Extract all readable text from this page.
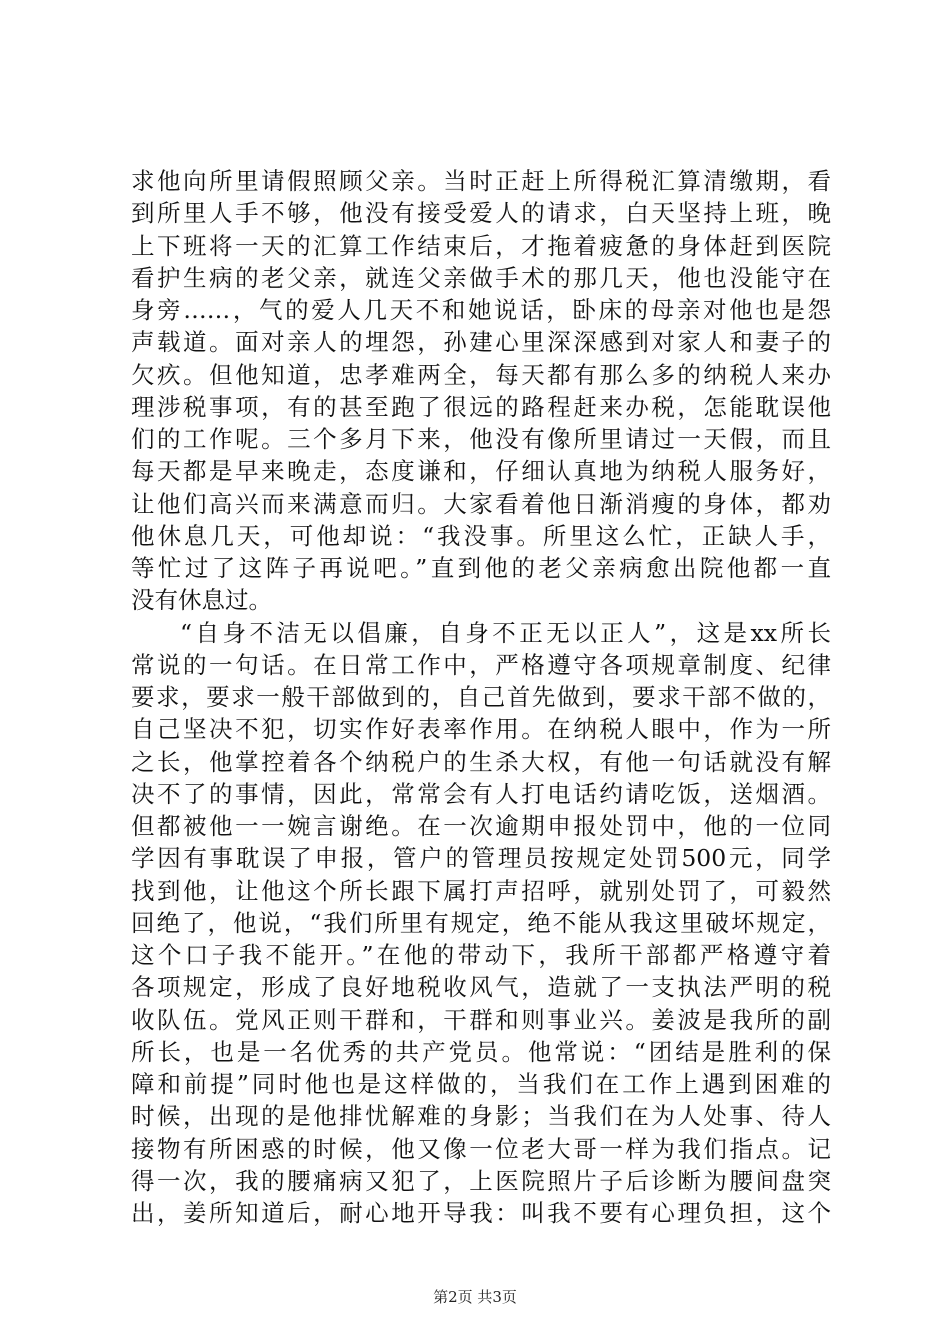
求他向所里请假照顾父亲。当时正赶上所得税汇算清缴期，看
到所里人手不够，他没有接受爱人的请求，白天坚持上班，晚
上下班将一天的汇算工作结束后，才拖着疲惫的身体赶到医院
看护生病的老父亲，就连父亲做手术的那几天，他也没能守在
身旁……，气的爱人几天不和她说话，卧床的母亲对他也是怨
声载道。面对亲人的埋怨，孙建心里深深感到对家人和妻子的
欠疚。但他知道，忠孝难两全，每天都有那么多的纳税人来办
理涉税事项，有的甚至跑了很远的路程赶来办税，怎能耽误他
们的工作呢。三个多月下来，他没有像所里请过一天假，而且
每天都是早来晚走，态度谦和，仔细认真地为纳税人服务好，
让他们高兴而来满意而归。大家看着他日渐消瘦的身体，都劝
他休息几天，可他却说：“我没事。所里这么忙，正缺人手，
等忙过了这阵子再说吧。”直到他的老父亲病愈出院他都一直
没有休息过。
“自身不洁无以倡廉，自身不正无以正人”，这是xx所长
常说的一句话。在日常工作中，严格遵守各项规章制度、纪律
要求，要求一般干部做到的，自己首先做到，要求干部不做的，
自己坚决不犯，切实作好表率作用。在纳税人眼中，作为一所
之长，他掌控着各个纳税户的生杀大权，有他一句话就没有解
决不了的事情，因此，常常会有人打电话约请吃饭，送烟酒。
但都被他一一婉言谢绝。在一次逾期申报处罚中，他的一位同
学因有事耽误了申报，管户的管理员按规定处罚500元，同学
找到他，让他这个所长跟下属打声招呼，就别处罚了，可毅然
回绝了，他说，“我们所里有规定，绝不能从我这里破坏规定，
这个口子我不能开。”在他的带动下，我所干部都严格遵守着
各项规定，形成了良好地税收风气，造就了一支执法严明的税
收队伍。党风正则干群和，干群和则事业兴。姜波是我所的副
所长，也是一名优秀的共产党员。他常说：“团结是胜利的保
障和前提”同时他也是这样做的，当我们在工作上遇到困难的
时候，出现的是他排忧解难的身影；当我们在为人处事、待人
接物有所困惑的时候，他又像一位老大哥一样为我们指点。记
得一次，我的腰痛病又犯了，上医院照片子后诊断为腰间盘突
出，姜所知道后，耐心地开导我：叫我不要有心理负担，这个
第2页 共3页
